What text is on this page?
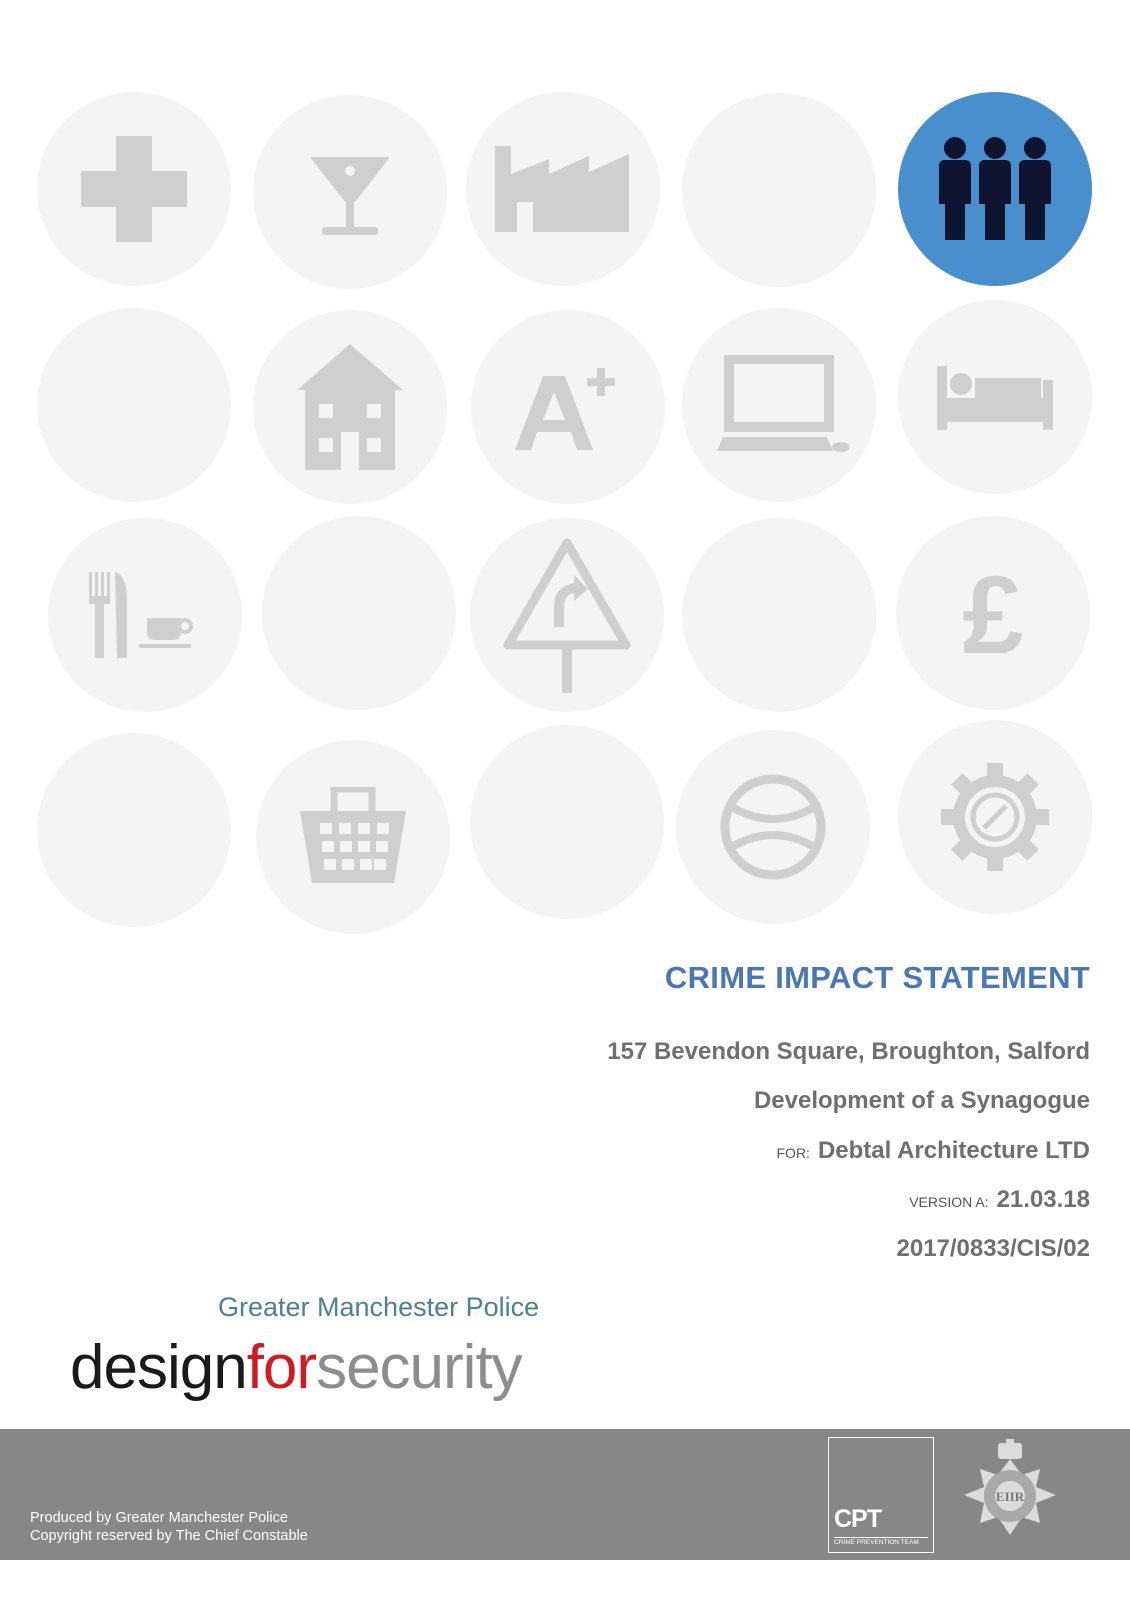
£
CRIME IMPACT STATEMENT

157 Bevendon Square, Broughton, Salford

Development of a Synagogue

FOR: Debtal Architecture LTD

VERSION A: 21.03.18

2017/0833/CIS/02

Greater Manchester Police
designforsecurity
Produced by Greater Manchester Police
Copyright reserved by The Chief Constable
CPT
CRIME PREVENTION TEAM
EIIR
